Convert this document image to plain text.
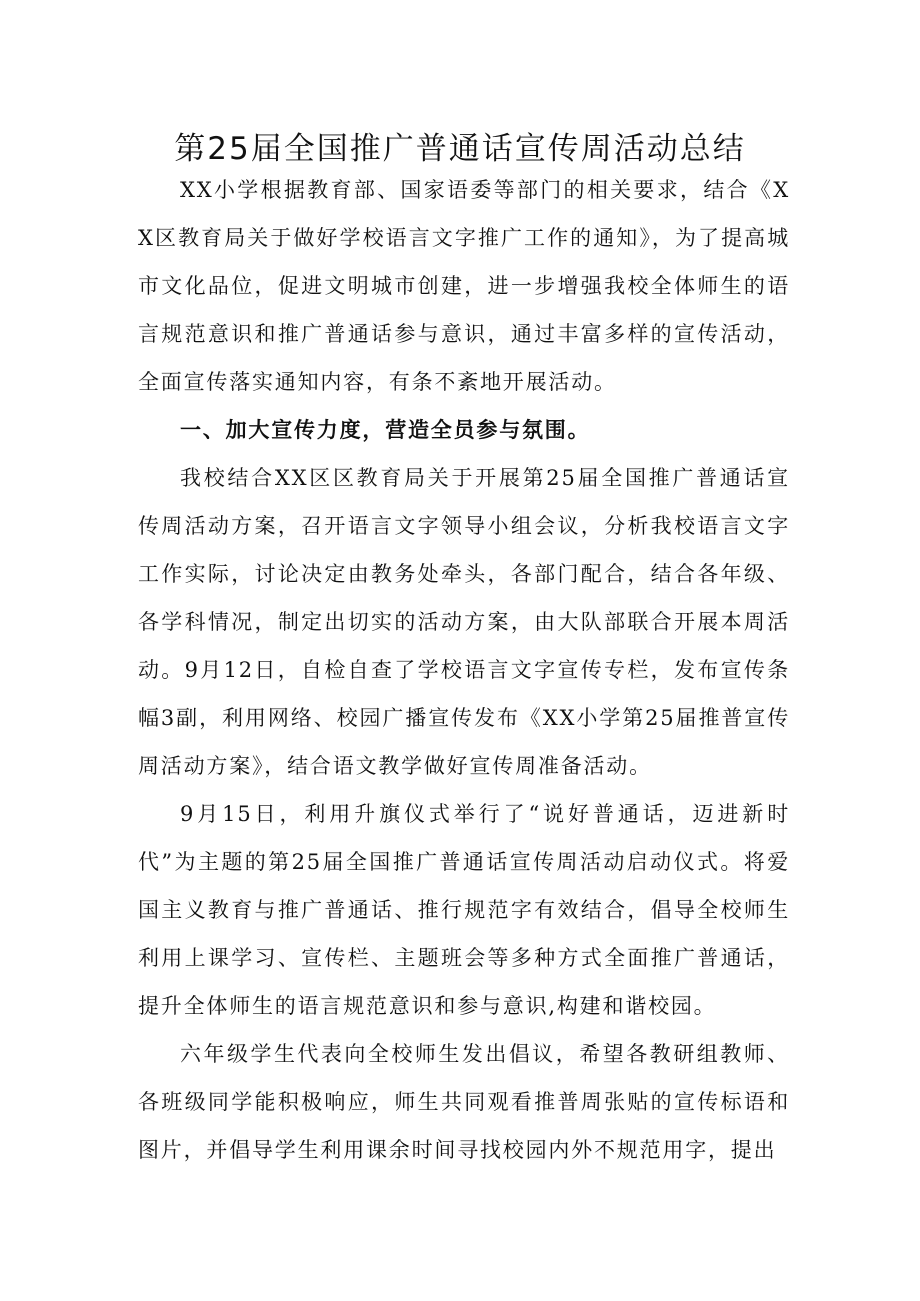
第25届全国推广普通话宣传周活动总结

XX小学根据教育部、国家语委等部门的相关要求，结合《XX区教育局关于做好学校语言文字推广工作的通知》，为了提高城市文化品位，促进文明城市创建，进一步增强我校全体师生的语言规范意识和推广普通话参与意识，通过丰富多样的宣传活动，全面宣传落实通知内容，有条不紊地开展活动。

一、加大宣传力度，营造全员参与氛围。

我校结合XX区区教育局关于开展第25届全国推广普通话宣传周活动方案，召开语言文字领导小组会议，分析我校语言文字工作实际，讨论决定由教务处牵头，各部门配合，结合各年级、各学科情况，制定出切实的活动方案，由大队部联合开展本周活动。9月12日，自检自查了学校语言文字宣传专栏，发布宣传条幅3副，利用网络、校园广播宣传发布《XX小学第25届推普宣传周活动方案》，结合语文教学做好宣传周准备活动。

9月15日，利用升旗仪式举行了“说好普通话，迈进新时代”为主题的第25届全国推广普通话宣传周活动启动仪式。将爱国主义教育与推广普通话、推行规范字有效结合，倡导全校师生利用上课学习、宣传栏、主题班会等多种方式全面推广普通话，提升全体师生的语言规范意识和参与意识,构建和谐校园。

六年级学生代表向全校师生发出倡议，希望各教研组教师、各班级同学能积极响应，师生共同观看推普周张贴的宣传标语和图片，并倡导学生利用课余时间寻找校园内外不规范用字，提出
